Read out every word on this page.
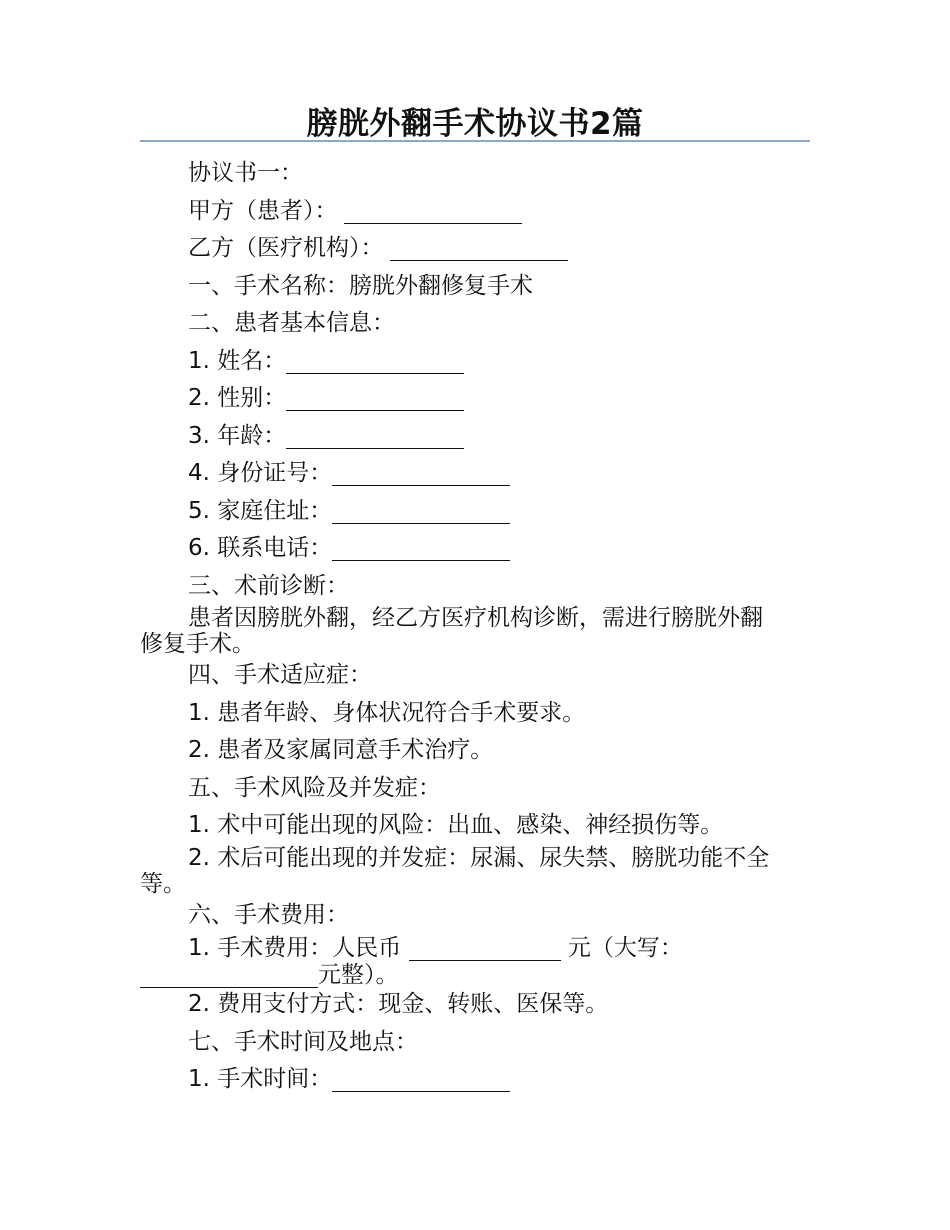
膀胱外翻手术协议书2篇
协议书一：
甲方（患者）：
乙方（医疗机构）：
一、手术名称：膀胱外翻修复手术
二、患者基本信息：
1. 姓名：
2. 性别：
3. 年龄：
4. 身份证号：
5. 家庭住址：
6. 联系电话：
三、术前诊断：
患者因膀胱外翻，经乙方医疗机构诊断，需进行膀胱外翻
修复手术。
四、手术适应症：
1. 患者年龄、身体状况符合手术要求。
2. 患者及家属同意手术治疗。
五、手术风险及并发症：
1. 术中可能出现的风险：出血、感染、神经损伤等。
2. 术后可能出现的并发症：尿漏、尿失禁、膀胱功能不全
等。
六、手术费用：
1. 手术费用：人民币	元（大写：
元整）。
2. 费用支付方式：现金、转账、医保等。
七、手术时间及地点：
1. 手术时间：
